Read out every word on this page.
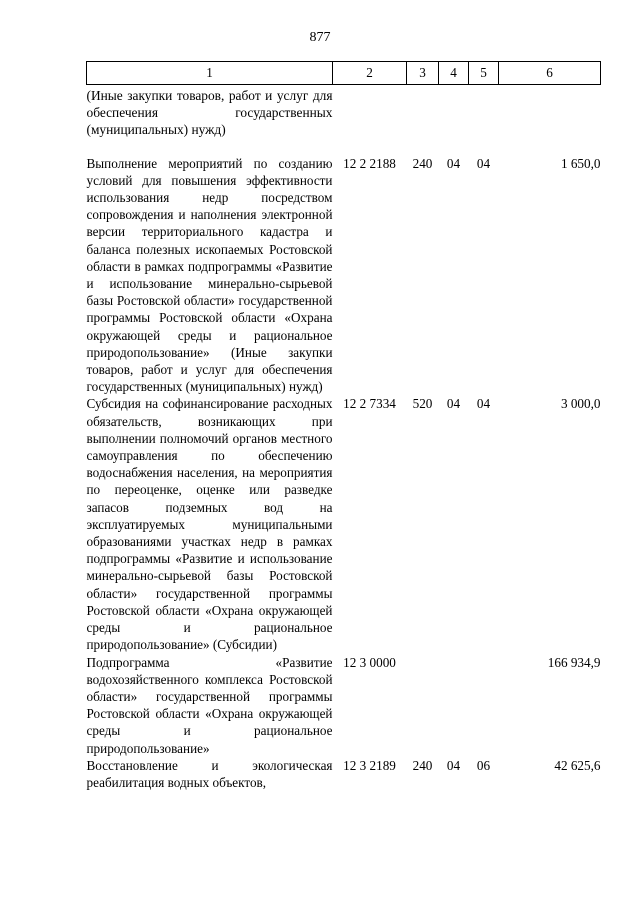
877
1	2	3	4	5	6
(Иные закупки товаров, работ и услуг для обеспечения государственных (муниципальных) нужд)					
Выполнение мероприятий по созданию условий для повышения эффективности использования недр посредством сопровождения и наполнения электронной версии территориального кадастра и баланса полезных ископаемых Ростовской области в рамках подпрограммы «Развитие и использование минерально-сырьевой базы Ростовской области» государственной программы Ростовской области «Охрана окружающей среды и рациональное природопользование» (Иные закупки товаров, работ и услуг для обеспечения государственных (муниципальных) нужд)	12 2 2188	240	04	04	1 650,0
Субсидия на софинансирование расходных обязательств, возникающих при выполнении полномочий органов местного самоуправления по обеспечению водоснабжения населения, на мероприятия по переоценке, оценке или разведке запасов подземных вод на эксплуатируемых муниципальными образованиями участках недр в рамках подпрограммы «Развитие и использование минерально-сырьевой базы Ростовской области» государственной программы Ростовской области «Охрана окружающей среды и рациональное природопользование» (Субсидии)	12 2 7334	520	04	04	3 000,0
Подпрограмма «Развитие водохозяйственного комплекса Ростовской области» государственной программы Ростовской области «Охрана окружающей среды и рациональное природопользование»	12 3 0000				166 934,9
Восстановление и экологическая реабилитация водных объектов,	12 3 2189	240	04	06	42 625,6
